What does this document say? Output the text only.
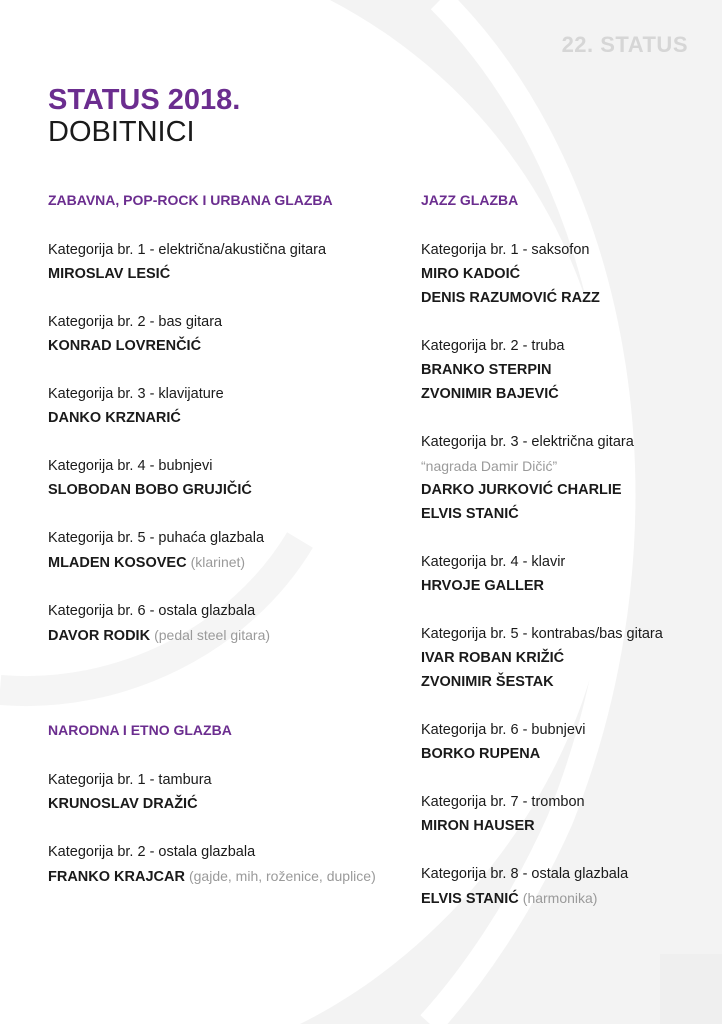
22. STATUS
STATUS 2018.
DOBITNICI
ZABAVNA, POP-ROCK I URBANA GLAZBA
Kategorija br. 1 - električna/akustična gitara
MIROSLAV LESIĆ
Kategorija br. 2 - bas gitara
KONRAD LOVRENČIĆ
Kategorija br. 3 - klavijature
DANKO KRZNARIĆ
Kategorija br. 4 - bubnjevi
SLOBODAN BOBO GRUJIČIĆ
Kategorija br. 5 - puhaća glazbala
MLADEN KOSOVEC (klarinet)
Kategorija br. 6 - ostala glazbala
DAVOR RODIK (pedal steel gitara)
NARODNA I ETNO GLAZBA
Kategorija br. 1 - tambura
KRUNOSLAV DRAŽIĆ
Kategorija br. 2 - ostala glazbala
FRANKO KRAJCAR (gajde, mih, roženice, duplice)
JAZZ GLAZBA
Kategorija br. 1 - saksofon
MIRO KADOIĆ
DENIS RAZUMOVIĆ RAZZ
Kategorija br. 2 - truba
BRANKO STERPIN
ZVONIMIR BAJEVIĆ
Kategorija br. 3 - električna gitara
“nagrada Damir Dičić”
DARKO JURKOVIĆ CHARLIE
ELVIS STANIĆ
Kategorija br. 4 - klavir
HRVOJE GALLER
Kategorija br. 5 - kontrabas/bas gitara
IVAR ROBAN KRIŽIĆ
ZVONIMIR ŠESTAK
Kategorija br. 6 - bubnjevi
BORKO RUPENA
Kategorija br. 7 - trombon
MIRON HAUSER
Kategorija br. 8 - ostala glazbala
ELVIS STANIĆ (harmonika)
